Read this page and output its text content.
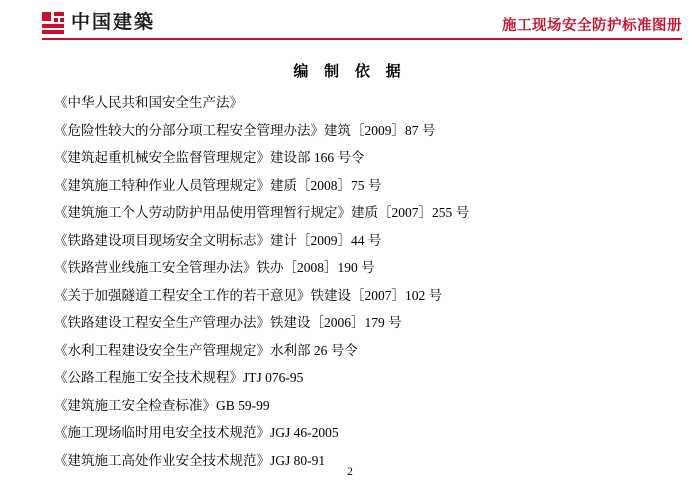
中国建築	施工现场安全防护标准图册
编 制 依 据
《中华人民共和国安全生产法》
《危险性较大的分部分项工程安全管理办法》建筑［2009］87 号
《建筑起重机械安全监督管理规定》建设部 166 号令
《建筑施工特种作业人员管理规定》建质［2008］75 号
《建筑施工个人劳动防护用品使用管理暂行规定》建质［2007］255 号
《铁路建设项目现场安全文明标志》建计［2009］44 号
《铁路营业线施工安全管理办法》铁办［2008］190 号
《关于加强隧道工程安全工作的若干意见》铁建设［2007］102 号
《铁路建设工程安全生产管理办法》铁建设［2006］179 号
《水利工程建设安全生产管理规定》水利部 26 号令
《公路工程施工安全技术规程》JTJ 076-95
《建筑施工安全检查标准》GB 59-99
《施工现场临时用电安全技术规范》JGJ 46-2005
《建筑施工高处作业安全技术规范》JGJ 80-91
2
